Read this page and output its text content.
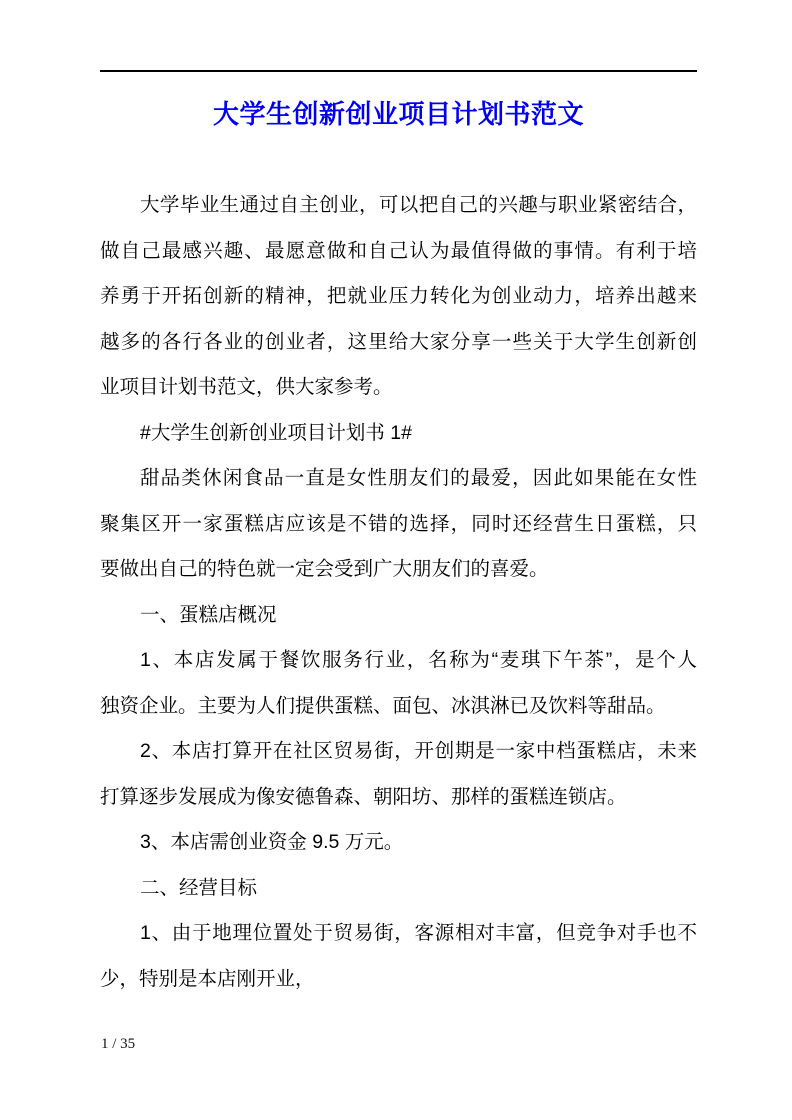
大学生创新创业项目计划书范文
大学毕业生通过自主创业，可以把自己的兴趣与职业紧密结合，
做自己最感兴趣、最愿意做和自己认为最值得做的事情。有利于培
养勇于开拓创新的精神，把就业压力转化为创业动力，培养出越来
越多的各行各业的创业者，这里给大家分享一些关于大学生创新创
业项目计划书范文，供大家参考。
#大学生创新创业项目计划书 1#
甜品类休闲食品一直是女性朋友们的最爱，因此如果能在女性
聚集区开一家蛋糕店应该是不错的选择，同时还经营生日蛋糕，只
要做出自己的特色就一定会受到广大朋友们的喜爱。
一、蛋糕店概况
1、本店发属于餐饮服务行业，名称为“麦琪下午茶”，是个人
独资企业。主要为人们提供蛋糕、面包、冰淇淋已及饮料等甜品。
2、本店打算开在社区贸易街，开创期是一家中档蛋糕店，未来
打算逐步发展成为像安德鲁森、朝阳坊、那样的蛋糕连锁店。
3、本店需创业资金 9.5 万元。
二、经营目标
1、由于地理位置处于贸易街，客源相对丰富，但竞争对手也不
少，特别是本店刚开业，
1 / 35
